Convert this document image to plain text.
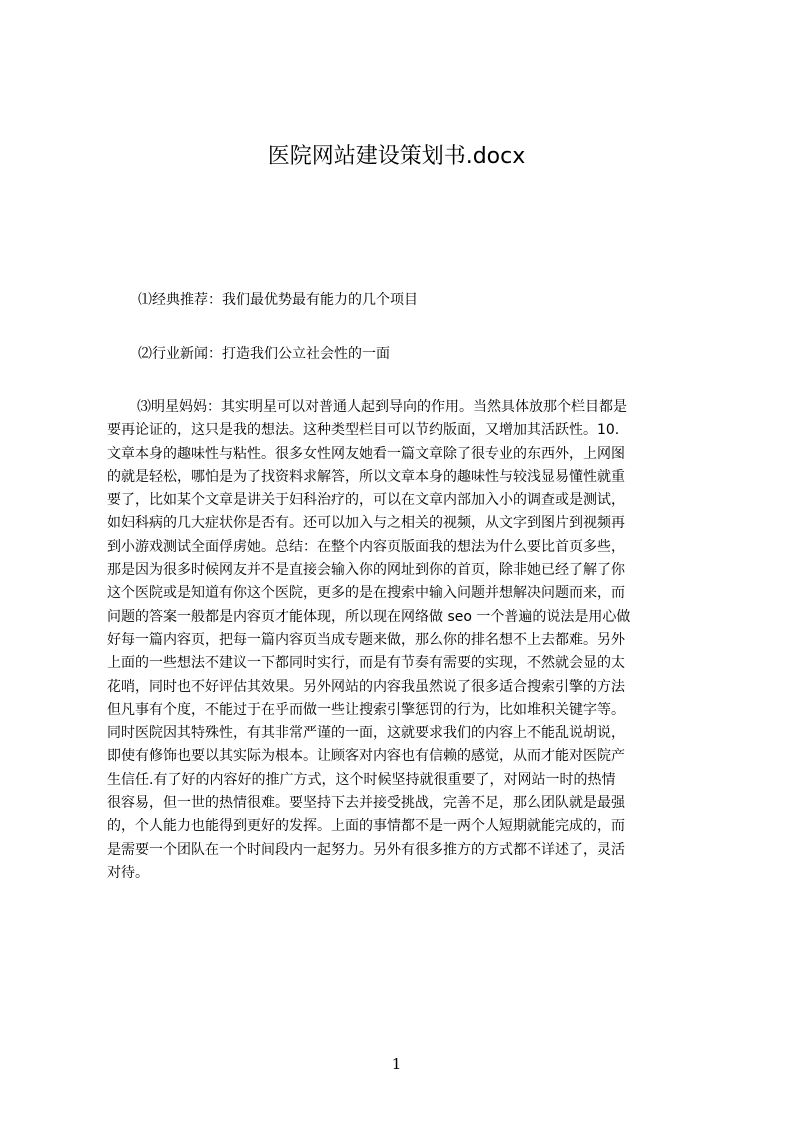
医院网站建设策划书.docx

⑴经典推荐：我们最优势最有能力的几个项目

⑵行业新闻：打造我们公立社会性的一面

⑶明星妈妈：其实明星可以对普通人起到导向的作用。当然具体放那个栏目都是
要再论证的，这只是我的想法。这种类型栏目可以节约版面，又增加其活跃性。10.
文章本身的趣味性与粘性。很多女性网友她看一篇文章除了很专业的东西外，上网图
的就是轻松，哪怕是为了找资料求解答，所以文章本身的趣味性与较浅显易懂性就重
要了，比如某个文章是讲关于妇科治疗的，可以在文章内部加入小的调查或是测试，
如妇科病的几大症状你是否有。还可以加入与之相关的视频，从文字到图片到视频再
到小游戏测试全面俘虏她。总结：在整个内容页版面我的想法为什么要比首页多些，
那是因为很多时候网友并不是直接会输入你的网址到你的首页，除非她已经了解了你
这个医院或是知道有你这个医院，更多的是在搜索中输入问题并想解决问题而来，而
问题的答案一般都是内容页才能体现，所以现在网络做 seo 一个普遍的说法是用心做
好每一篇内容页，把每一篇内容页当成专题来做，那么你的排名想不上去都难。另外
上面的一些想法不建议一下都同时实行，而是有节奏有需要的实现，不然就会显的太
花哨，同时也不好评估其效果。另外网站的内容我虽然说了很多适合搜索引擎的方法
但凡事有个度，不能过于在乎而做一些让搜索引擎惩罚的行为，比如堆积关键字等。
同时医院因其特殊性，有其非常严谨的一面，这就要求我们的内容上不能乱说胡说，
即使有修饰也要以其实际为根本。让顾客对内容也有信赖的感觉，从而才能对医院产
生信任.有了好的内容好的推广方式，这个时候坚持就很重要了，对网站一时的热情
很容易，但一世的热情很难。要坚持下去并接受挑战，完善不足，那么团队就是最强
的，个人能力也能得到更好的发挥。上面的事情都不是一两个人短期就能完成的，而
是需要一个团队在一个时间段内一起努力。另外有很多推方的方式都不详述了，灵活
对待。
1
